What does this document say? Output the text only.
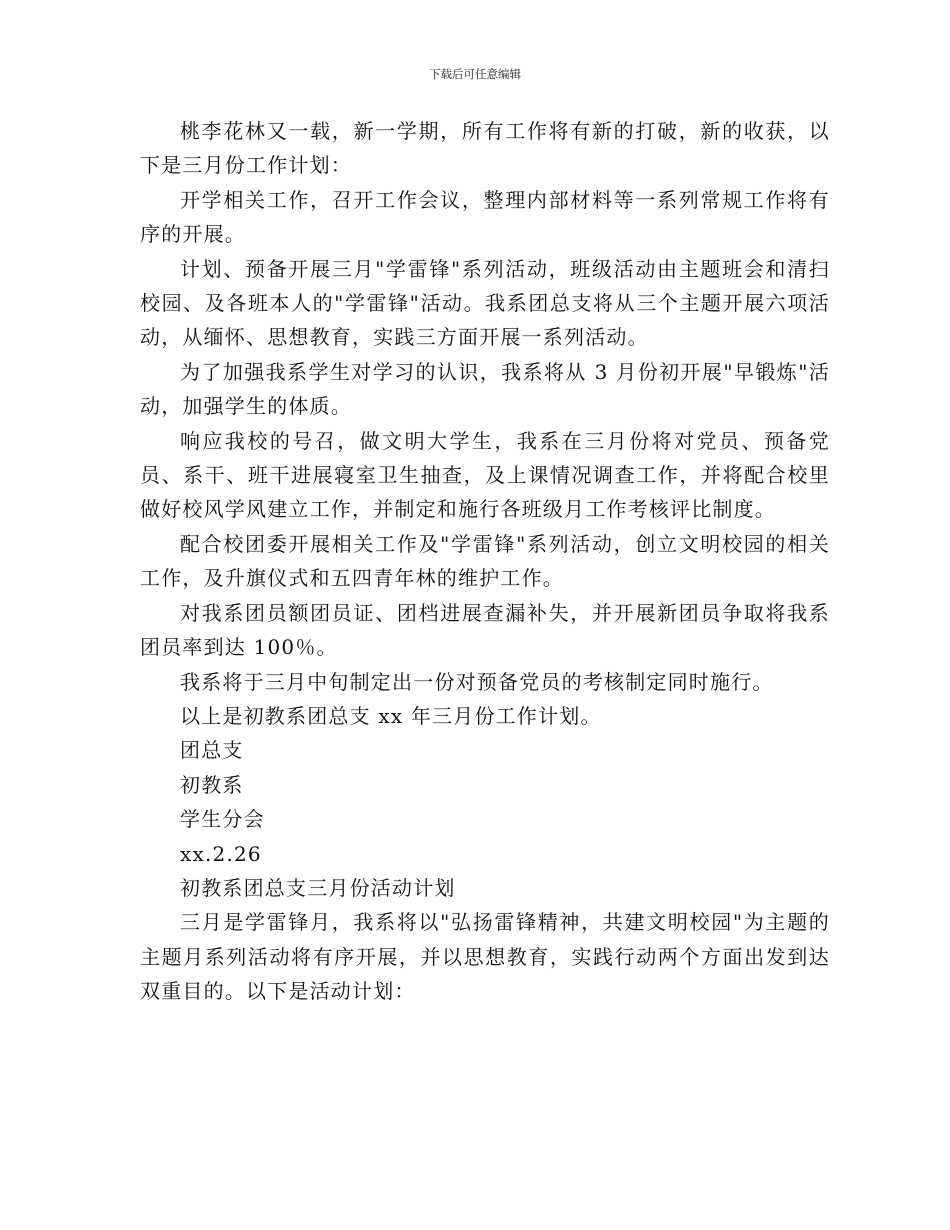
下载后可任意编辑

桃李花林又一载，新一学期，所有工作将有新的打破，新的收获，以下是三月份工作计划：

开学相关工作，召开工作会议，整理内部材料等一系列常规工作将有序的开展。

计划、预备开展三月"学雷锋"系列活动，班级活动由主题班会和清扫校园、及各班本人的"学雷锋"活动。我系团总支将从三个主题开展六项活动，从缅怀、思想教育，实践三方面开展一系列活动。

为了加强我系学生对学习的认识，我系将从 3 月份初开展"早锻炼"活动，加强学生的体质。

响应我校的号召，做文明大学生，我系在三月份将对党员、预备党员、系干、班干进展寝室卫生抽查，及上课情况调查工作，并将配合校里做好校风学风建立工作，并制定和施行各班级月工作考核评比制度。

配合校团委开展相关工作及"学雷锋"系列活动，创立文明校园的相关工作，及升旗仪式和五四青年林的维护工作。

对我系团员额团员证、团档进展查漏补失，并开展新团员争取将我系团员率到达 100％。

我系将于三月中旬制定出一份对预备党员的考核制定同时施行。

以上是初教系团总支 xx 年三月份工作计划。

团总支

初教系

学生分会

xx.2.26

初教系团总支三月份活动计划

三月是学雷锋月，我系将以"弘扬雷锋精神，共建文明校园"为主题的主题月系列活动将有序开展，并以思想教育，实践行动两个方面出发到达双重目的。以下是活动计划：
